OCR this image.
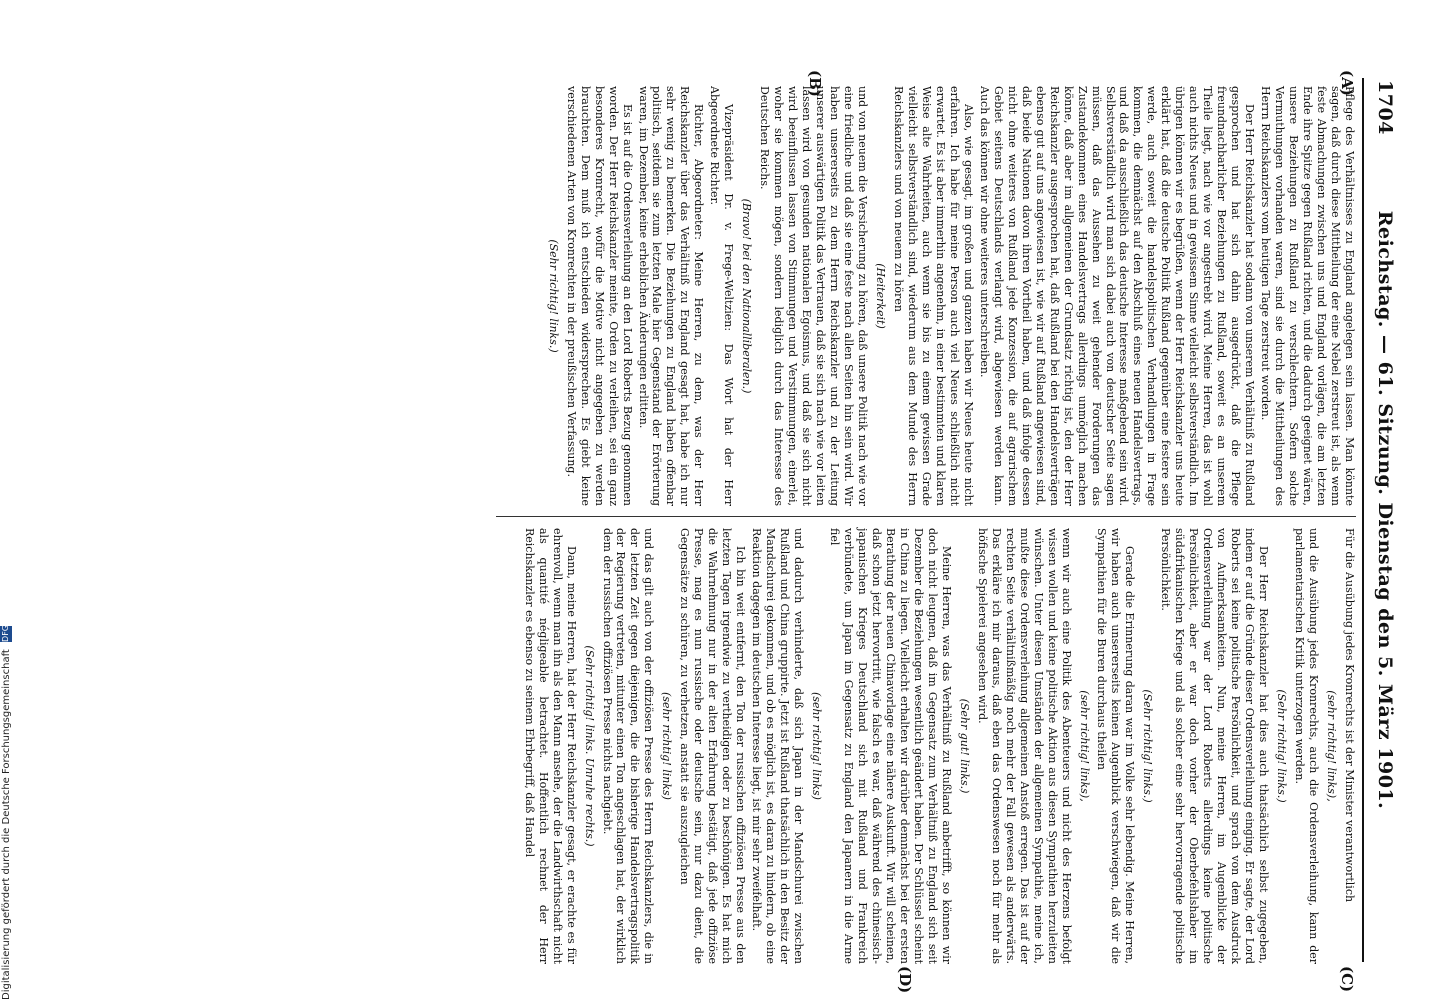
1704
Reichstag. — 61. Sitzung. Dienstag den 5. März 1901.
(A)
(B)
(C)
(D)

Pflege des Verhältnisses zu England angelegen sein lassen. Man könnte sagen, daß durch diese Mittheilung der eine Nebel zerstreut ist, als wenn feste Abmachungen zwischen uns und England vorlägen, die am letzten Ende ihre Spitze gegen Rußland richten, und die dadurch geeignet wären, unsere Beziehungen zu Rußland zu verschlechtern. Sofern solche Vermuthungen vorhanden waren, sind sie durch die Mittheilungen des Herrn Reichskanzlers vom heutigen Tage zerstreut worden.

Der Herr Reichskanzler hat sodann von unserem Verhältniß zu Rußland gesprochen und hat sich dahin ausgedrückt, daß die Pflege freundnachbarlicher Beziehungen zu Rußland, soweit es an unserem Theile liegt, nach wie vor angestrebt wird. Meine Herren, das ist wohl auch nichts Neues und in gewissem Sinne vielleicht selbstverständlich. Im übrigen können wir es begrüßen, wenn der Herr Reichskanzler uns heute erklärt hat, daß die deutsche Politik Rußland gegenüber eine festere sein werde, auch soweit die handelspolitischen Verhandlungen in Frage kommen, die demnächst auf den Abschluß eines neuen Handelsvertrags, und daß da ausschließlich das deutsche Interesse maßgebend sein wird. Selbstverständlich wird man sich dabei auch von deutscher Seite sagen müssen, daß das Aussehen zu weit gehender Forderungen das Zustandekommen eines Handelsvertrags allerdings unmöglich machen könne, daß aber im allgemeinen der Grundsatz richtig ist, den der Herr Reichskanzler ausgesprochen hat, daß Rußland bei den Handelsverträgen ebenso gut auf uns angewiesen ist, wie wir auf Rußland angewiesen sind, daß beide Nationen davon ihren Vortheil haben, und daß infolge dessen nicht ohne weiteres von Rußland jede Konzession, die auf agrarischem Gebiet seitens Deutschlands verlangt wird, abgewiesen werden kann. Auch das können wir ohne weiteres unterschreiben.

Also, wie gesagt, im großen und ganzen haben wir Neues heute nicht erfahren. Ich habe für meine Person auch viel Neues schließlich nicht erwartet. Es ist aber immerhin angenehm, in einer bestimmten und klaren Weise alte Wahrheiten, auch wenn sie bis zu einem gewissen Grade vielleicht selbstverständlich sind, wiederum aus dem Munde des Herrn Reichskanzlers und von neuem zu hören

(Heiterkeit)

und von neuem die Versicherung zu hören, daß unsere Politik nach wie vor eine friedliche und daß sie eine feste nach allen Seiten hin sein wird. Wir haben unsererseits zu dem Herrn Reichskanzler und zu der Leitung unserer auswärtigen Politik das Vertrauen, daß sie sich nach wie vor leiten lassen wird von gesunden nationalen Egoismus, und daß sie sich nicht wird beeinflussen lassen von Stimmungen und Verstimmungen, einerlei, woher sie kommen mögen, sondern lediglich durch das Interesse des Deutschen Reichs.

(Bravo! bei den Nationalliberalen.)

Vizepräsident Dr. v. Frege-Weltzien: Das Wort hat der Herr Abgeordnete Richter.

Richter, Abgeordneter: Meine Herren, zu dem, was der Herr Reichskanzler über das Verhältniß zu England gesagt hat, habe ich nur sehr wenig zu bemerken. Die Beziehungen zu England haben offenbar politisch, seitdem sie zum letzten Male hier Gegenstand der Erörterung waren, im Dezember, keine erheblichen Änderungen erlitten.

Es ist auf die Ordensverleihung an den Lord Roberts Bezug genommen worden. Der Herr Reichskanzler meinte, Orden zu verleihen, sei ein ganz besonderes Kronrecht, wofür die Motive nicht angegeben zu werden brauchten. Dem muß ich entschieden widersprechen. Es giebt keine verschiedenen Arten von Kronrechten in der preußischen Verfassung.

(Sehr richtig! links.)

Für die Ausübung jedes Kronrechts ist der Minister verantwortlich

(sehr richtig! links),

und die Ausübung jedes Kronrechts, auch die Ordensverleihung, kann der parlamentarischen Kritik unterzogen werden.

(Sehr richtig! links.)

Der Herr Reichskanzler hat dies auch thatsächlich selbst zugegeben, indem er auf die Gründe dieser Ordensverleihung einging. Er sagte, der Lord Roberts sei keine politische Persönlichkeit, und sprach von dem Ausdruck von Aufmerksamkeiten. Nun, meine Herren, im Augenblicke der Ordensverleihung war der Lord Roberts allerdings keine politische Persönlichkeit, aber er war doch vorher der Oberbefehlshaber im südafrikanischen Kriege und als solcher eine sehr hervorragende politische Persönlichkeit.

(Sehr richtig! links.)

Gerade die Erinnerung daran war im Volke sehr lebendig. Meine Herren, wir haben auch unsererseits keinen Augenblick verschwiegen, daß wir die Sympathien für die Buren durchaus theilen

(sehr richtig! links),

wenn wir auch eine Politik des Abenteuers und nicht des Herzens befolgt wissen wollen und keine politische Aktion aus diesen Sympathien herzuleiten wünschen. Unter diesen Umständen der allgemeinen Sympathie, meine ich, mußte diese Ordensverleihung allgemeinen Anstoß erregen. Das ist auf der rechten Seite verhältnißmäßig noch mehr der Fall gewesen als anderwärts. Das erkläre ich mir daraus, daß eben das Ordenswesen noch für mehr als höfische Spielerei angesehen wird.

(Sehr gut! links.)

Meine Herren, was das Verhältniß zu Rußland anbetrifft, so können wir doch nicht leugnen, daß im Gegensatz zum Verhältniß zu England sich seit Dezember die Beziehungen wesentlich geändert haben. Der Schlüssel scheint in China zu liegen. Vielleicht erhalten wir darüber demnächst bei der ersten Berathung der neuen Chinavorlage eine nähere Auskunft. Wir will scheinen, daß schon jetzt hervortritt, wie falsch es war, daß während des chinesisch-japanischen Krieges Deutschland sich mit Rußland und Frankreich verbündete, um Japan im Gegensatz zu England den Japanern in die Arme fiel

(sehr richtig! links)

und dadurch verhinderte, daß sich Japan in der Mandschurei zwischen Rußland und China gruppirte. Jetzt ist Rußland thatsächlich in den Besitz der Mandschurei gekommen, und ob es möglich ist, es daran zu hindern, ob eine Reaktion dagegen im deutschen Interesse liegt, ist mir sehr zweifelhaft.

Ich bin weit entfernt, den Ton der russischen offiziösen Presse aus den letzten Tagen irgendwie zu vertheidigen oder zu beschönigen. Es hat mich die Wahrnehmung nur in der alten Erfahrung bestätigt, daß jede offiziöse Presse, mag es nun russische oder deutsche sein, nur dazu dient, die Gegensätze zu schüren, zu verhetzen, anstatt sie auszugleichen

(sehr richtig! links)

und das gilt auch von der offiziösen Presse des Herrn Reichskanzlers, die in der letzten Zeit gegen diejenigen, die die bisherige Handelsvertragspolitik der Regierung vertreten, mitunter einen Ton angeschlagen hat, der wirklich dem der russischen offiziösen Presse nichts nachgiebt.

(Sehr richtig! links. Unruhe rechts.)

Dann, meine Herren, hat der Herr Reichskanzler gesagt, er erachte es für ehrenvoll, wenn man ihn als den Mann ansehe, der die Landwirthschaft nicht als quantité négligeable betrachtet. Hoffentlich rechnet der Herr Reichskanzler es ebenso zu seinem Ehrbegriff, daß Handel

Digitalisierung gefördert durch die Deutsche Forschungsgemeinschaft DFG
